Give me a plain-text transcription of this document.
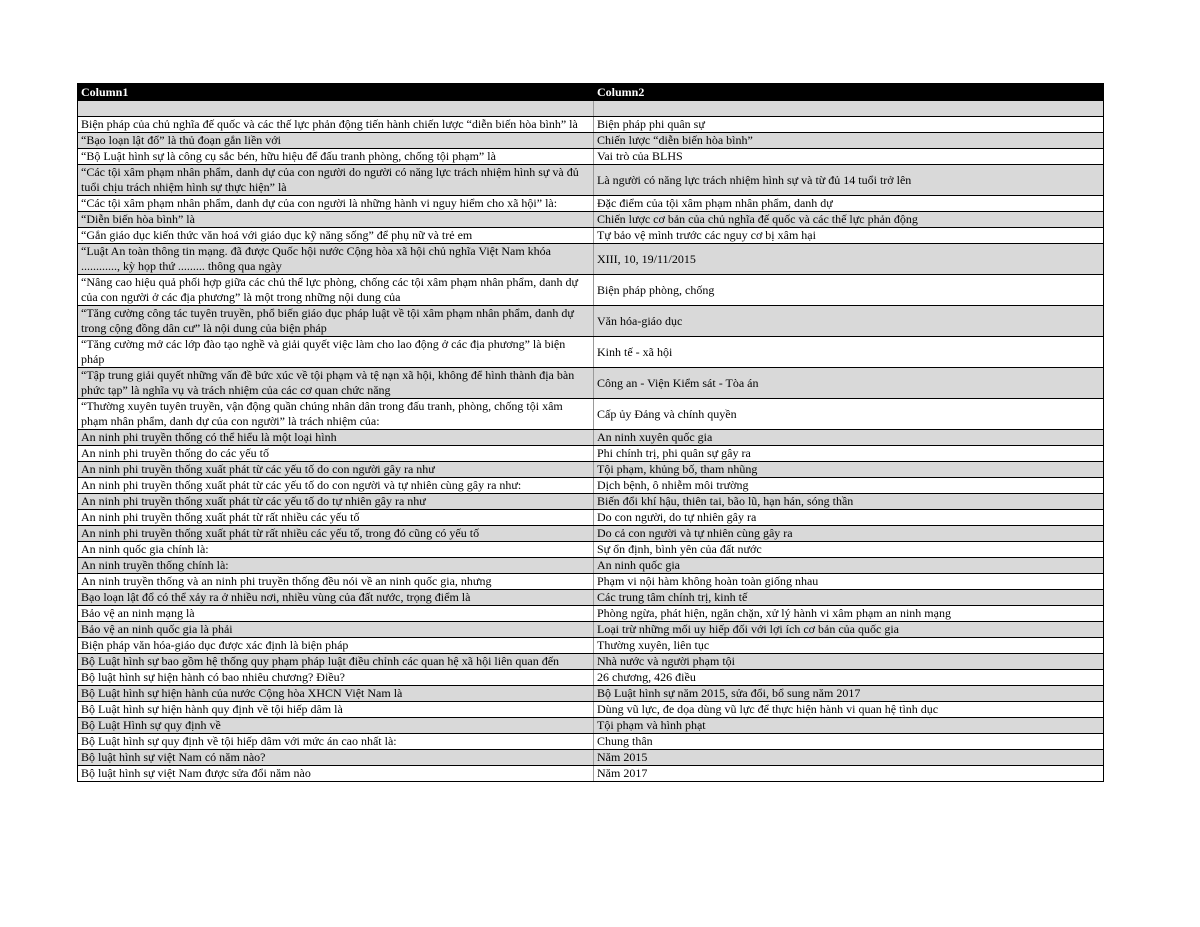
Column1	Column2

Biện pháp của chủ nghĩa đế quốc và các thế lực phản động tiến hành chiến lược “diễn biến hòa bình” là	Biện pháp phi quân sự
“Bạo loạn lật đổ” là thủ đoạn gắn liền với	Chiến lược “diễn biến hòa bình”
“Bộ Luật hình sự là công cụ sắc bén, hữu hiệu để đấu tranh phòng, chống tội phạm” là	Vai trò của BLHS
“Các tội xâm phạm nhân phẩm, danh dự của con người do người có năng lực trách nhiệm hình sự và đủ tuổi chịu trách nhiệm hình sự thực hiện” là	Là người có năng lực trách nhiệm hình sự và từ đủ 14 tuổi trở lên
“Các tội xâm phạm nhân phẩm, danh dự của con người là những hành vi nguy hiểm cho xã hội” là:	Đặc điểm của tội xâm phạm nhân phẩm, danh dự
“Diễn biến hòa bình” là	Chiến lược cơ bản của chủ nghĩa đế quốc và các thế lực phản động
“Gắn giáo dục kiến thức văn hoá với giáo dục kỹ năng sống” để phụ nữ và trẻ em	Tự bảo vệ mình trước các nguy cơ bị xâm hại
“Luật An toàn thông tin mạng. đã được Quốc hội nước Cộng hòa xã hội chủ nghĩa Việt Nam khóa ............, kỳ họp thứ ......... thông qua ngày	XIII, 10, 19/11/2015
“Nâng cao hiệu quả phối hợp giữa các chủ thể lực phòng, chống các tội xâm phạm nhân phẩm, danh dự của con người ở các địa phương” là một trong những nội dung của	Biện pháp phòng, chống
“Tăng cường công tác tuyên truyền, phổ biến giáo dục pháp luật về tội xâm phạm nhân phẩm, danh dự trong cộng đồng dân cư” là nội dung của biện pháp	Văn hóa-giáo dục
“Tăng cường mở các lớp đào tạo nghề và giải quyết việc làm cho lao động ở các địa phương” là biện pháp	Kinh tế - xã hội
“Tập trung giải quyết những vấn đề bức xúc về tội phạm và tệ nạn xã hội, không để hình thành địa bàn phức tạp” là nghĩa vụ và trách nhiệm của các cơ quan chức năng	Công an - Viện Kiểm sát - Tòa án
“Thường xuyên tuyên truyền, vận động quần chúng nhân dân trong đấu tranh, phòng, chống tội xâm phạm nhân phẩm, danh dự của con người” là trách nhiệm của:	Cấp ủy Đảng và chính quyền
An ninh phi truyền thống có thể hiểu là một loại hình	An ninh xuyên quốc gia
An ninh phi truyền thống do các yếu tố	Phi chính trị, phi quân sự gây ra
An ninh phi truyền thống xuất phát từ các yếu tố do con người gây ra như	Tội phạm, khủng bố, tham nhũng
An ninh phi truyền thống xuất phát từ các yếu tố do con người và tự nhiên cùng gây ra như:	Dịch bệnh, ô nhiễm môi trường
An ninh phi truyền thống xuất phát từ các yếu tố do tự nhiên gây ra như	Biến đổi khí hậu, thiên tai, bão lũ, hạn hán, sóng thần
An ninh phi truyền thống xuất phát từ rất nhiều các yếu tố	Do con người, do tự nhiên gây ra
An ninh phi truyền thống xuất phát từ rất nhiều các yếu tố, trong đó cũng có yếu tố	Do cả con người và tự nhiên cùng gây ra
An ninh quốc gia chính là:	Sự ổn định, bình yên của đất nước
An ninh truyền thống chính là:	An ninh quốc gia
An ninh truyền thống và an ninh phi truyền thống đều nói về an ninh quốc gia, nhưng	Phạm vi nội hàm không hoàn toàn giống nhau
Bạo loạn lật đổ có thể xảy ra ở nhiều nơi, nhiều vùng của đất nước, trọng điểm là	Các trung tâm chính trị, kinh tế
Bảo vệ an ninh mạng là	Phòng ngừa, phát hiện, ngăn chặn, xử lý hành vi xâm phạm an ninh mạng
Bảo vệ an ninh quốc gia là phải	Loại trừ những mối uy hiếp đối với lợi ích cơ bản của quốc gia
Biện pháp văn hóa-giáo dục được xác định là biện pháp	Thường xuyên, liên tục
Bộ Luật hình sự bao gồm hệ thống quy phạm pháp luật điều chỉnh các quan hệ xã hội liên quan đến	Nhà nước và người phạm tội
Bộ luật hình sự hiện hành có bao nhiêu chương? Điều?	26 chương, 426 điều
Bộ Luật hình sự hiện hành của nước Cộng hòa XHCN Việt Nam là	Bộ Luật hình sự năm 2015, sửa đổi, bổ sung năm 2017
Bộ Luật hình sự hiện hành quy định về tội hiếp dâm là	Dùng vũ lực, đe dọa dùng vũ lực để thực hiện hành vi quan hệ tình dục
Bộ Luật Hình sự quy định về	Tội phạm và hình phạt
Bộ Luật hình sự quy định về tội hiếp dâm với mức án cao nhất là:	Chung thân
Bộ luật hình sự việt Nam có năm nào?	Năm 2015
Bộ luật hình sự việt Nam được sửa đổi năm nào	Năm 2017
